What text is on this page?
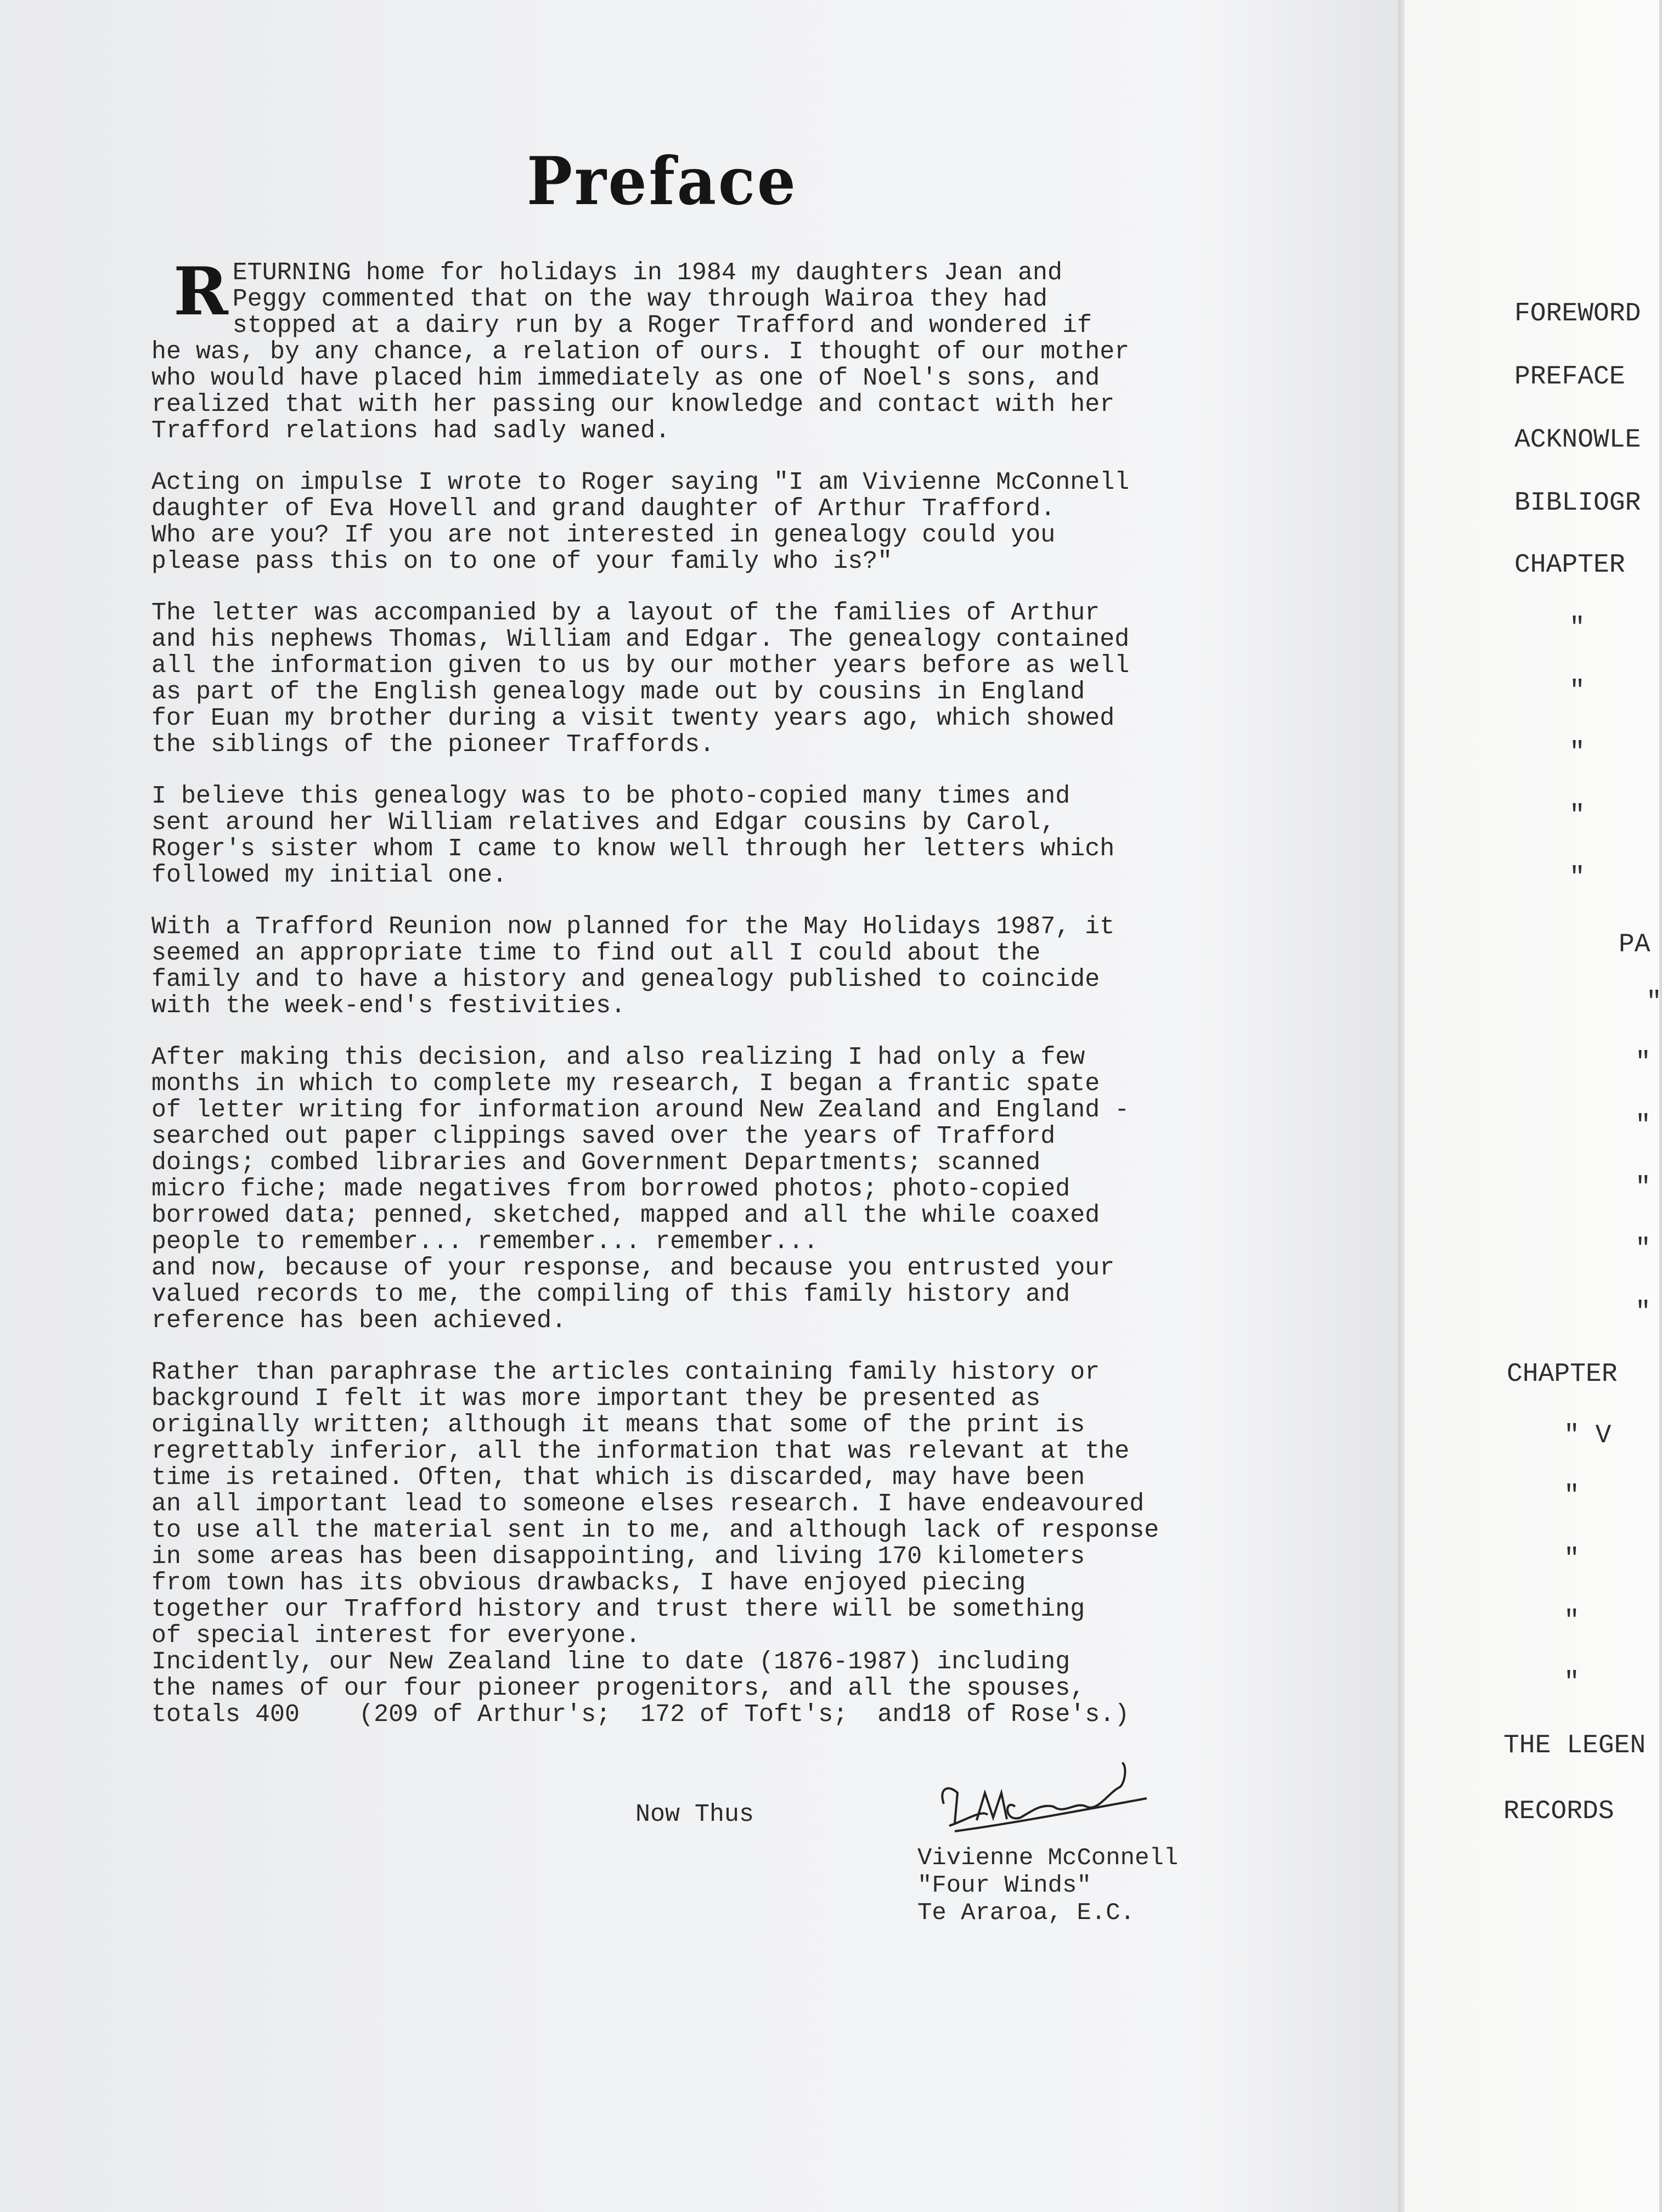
Preface

RETURNING home for holidays in 1984 my daughters Jean and
Peggy commented that on the way through Wairoa they had
stopped at a dairy run by a Roger Trafford and wondered if
he was, by any chance, a relation of ours. I thought of our mother
who would have placed him immediately as one of Noel's sons, and
realized that with her passing our knowledge and contact with her
Trafford relations had sadly waned.

Acting on impulse I wrote to Roger saying "I am Vivienne McConnell
daughter of Eva Hovell and grand daughter of Arthur Trafford.
Who are you? If you are not interested in genealogy could you
please pass this on to one of your family who is?"

The letter was accompanied by a layout of the families of Arthur
and his nephews Thomas, William and Edgar. The genealogy contained
all the information given to us by our mother years before as well
as part of the English genealogy made out by cousins in England
for Euan my brother during a visit twenty years ago, which showed
the siblings of the pioneer Traffords.

I believe this genealogy was to be photo-copied many times and
sent around her William relatives and Edgar cousins by Carol,
Roger's sister whom I came to know well through her letters which
followed my initial one.

With a Trafford Reunion now planned for the May Holidays 1987, it
seemed an appropriate time to find out all I could about the
family and to have a history and genealogy published to coincide
with the week-end's festivities.

After making this decision, and also realizing I had only a few
months in which to complete my research, I began a frantic spate
of letter writing for information around New Zealand and England -
searched out paper clippings saved over the years of Trafford
doings; combed libraries and Government Departments; scanned
micro fiche; made negatives from borrowed photos; photo-copied
borrowed data; penned, sketched, mapped and all the while coaxed
people to remember... remember... remember...
and now, because of your response, and because you entrusted your
valued records to me, the compiling of this family history and
reference has been achieved.

Rather than paraphrase the articles containing family history or
background I felt it was more important they be presented as
originally written; although it means that some of the print is
regrettably inferior, all the information that was relevant at the
time is retained. Often, that which is discarded, may have been
an all important lead to someone elses research. I have endeavoured
to use all the material sent in to me, and although lack of response
in some areas has been disappointing, and living 170 kilometers
from town has its obvious drawbacks, I have enjoyed piecing
together our Trafford history and trust there will be something
of special interest for everyone.

Incidently, our New Zealand line to date (1876-1987) including
the names of our four pioneer progenitors, and all the spouses,

totals 400    (209 of Arthur's;  172 of Toft's;  and18 of Rose's.)

Now Thus
Vivienne McConnell
"Four Winds"
Te Araroa, E.C.
FOREWORD
PREFACE
ACKNOWLE
BIBLIOGR
CHAPTER
"
"
"
"
"
PA
"
"
"
"
"
"
CHAPTER
" V
"
"
"
"
THE LEGEN
RECORDS
